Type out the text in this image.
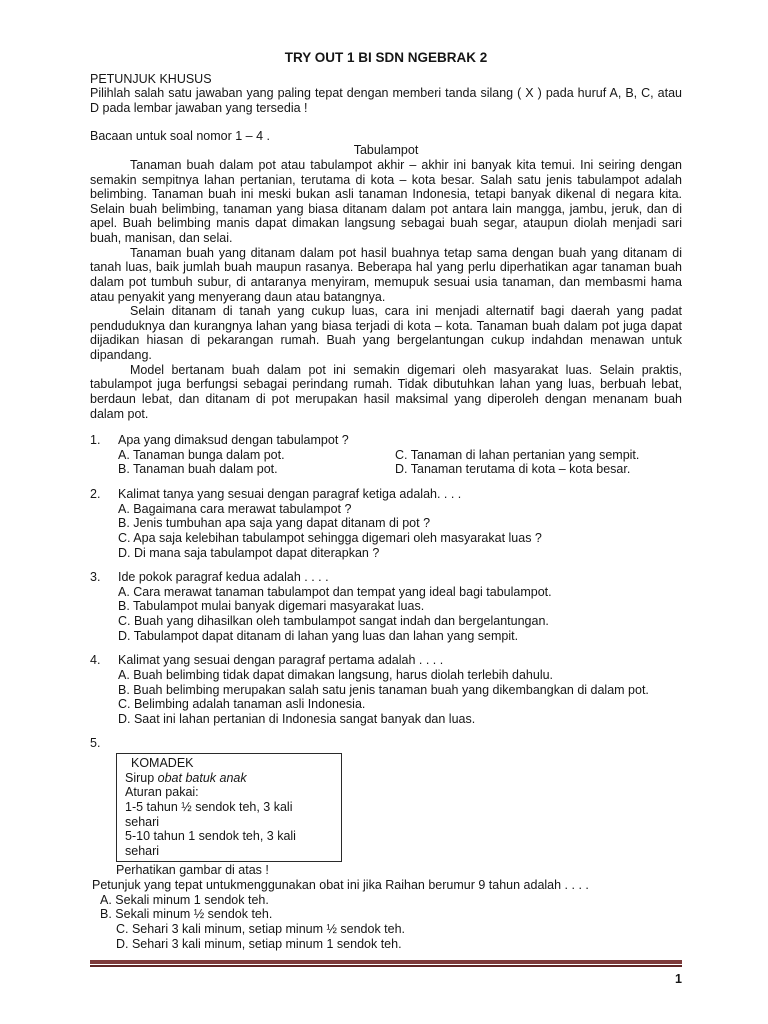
TRY OUT 1 BI SDN NGEBRAK 2
PETUNJUK KHUSUS
Pilihlah salah satu jawaban yang paling tepat dengan memberi tanda silang ( X ) pada huruf A, B, C, atau D pada lembar jawaban yang tersedia !
Bacaan untuk soal nomor 1 – 4 .
Tabulampot

Tanaman buah dalam pot atau tabulampot akhir – akhir ini banyak kita temui. Ini seiring dengan semakin sempitnya lahan pertanian, terutama di kota – kota besar. Salah satu jenis tabulampot adalah belimbing. Tanaman buah ini meski bukan asli tanaman Indonesia, tetapi banyak dikenal di negara kita. Selain buah belimbing, tanaman yang biasa ditanam dalam pot antara lain mangga, jambu, jeruk, dan di apel. Buah belimbing manis dapat dimakan langsung sebagai buah segar, ataupun diolah menjadi sari buah, manisan, dan selai.

Tanaman buah yang ditanam dalam pot hasil buahnya tetap sama dengan buah yang ditanam di tanah luas, baik jumlah buah maupun rasanya. Beberapa hal yang perlu diperhatikan agar tanaman buah dalam pot tumbuh subur, di antaranya menyiram, memupuk sesuai usia tanaman, dan membasmi hama atau penyakit yang menyerang daun atau batangnya.

Selain ditanam di tanah yang cukup luas, cara ini menjadi alternatif bagi daerah yang padat penduduknya dan kurangnya lahan yang biasa terjadi di kota – kota. Tanaman buah dalam pot juga dapat dijadikan hiasan di pekarangan rumah. Buah yang bergelantungan cukup indahdan menawan untuk dipandang.

Model bertanam buah dalam pot ini semakin digemari oleh masyarakat luas. Selain praktis, tabulampot juga berfungsi sebagai perindang rumah. Tidak dibutuhkan lahan yang luas, berbuah lebat, berdaun lebat, dan ditanam di pot merupakan hasil maksimal yang diperoleh dengan menanam buah dalam pot.

1.	Apa yang dimaksud dengan tabulampot ?
A. Tanaman bunga dalam pot.	C. Tanaman di lahan pertanian yang sempit.
B. Tanaman buah dalam pot.	D. Tanaman terutama di kota – kota besar.
2.	Kalimat tanya yang sesuai dengan paragraf ketiga adalah. . . .
A. Bagaimana cara merawat tabulampot ?
B. Jenis tumbuhan apa saja yang dapat ditanam di pot ?
C. Apa saja kelebihan tabulampot sehingga digemari oleh masyarakat luas ?
D. Di mana saja tabulampot dapat diterapkan ?
3.	Ide pokok paragraf kedua adalah . . . .
A. Cara merawat tanaman tabulampot dan tempat yang ideal bagi tabulampot.
B. Tabulampot mulai banyak digemari masyarakat luas.
C. Buah yang dihasilkan oleh tambulampot sangat indah dan bergelantungan.
D. Tabulampot dapat ditanam di lahan yang luas dan lahan yang sempit.
4.	Kalimat yang sesuai dengan paragraf pertama adalah . . . .
A. Buah belimbing tidak dapat dimakan langsung, harus diolah terlebih dahulu.
B. Buah belimbing merupakan salah satu jenis tanaman buah yang dikembangkan di dalam pot.
C. Belimbing adalah tanaman asli Indonesia.
D. Saat ini lahan pertanian di Indonesia sangat banyak dan luas.
5.
KOMADEK
Sirup obat batuk anak
Aturan pakai:
1-5 tahun ½ sendok teh, 3 kali
sehari
5-10 tahun 1 sendok teh, 3 kali
sehari
Perhatikan gambar di atas !
Petunjuk yang tepat untukmenggunakan obat ini jika Raihan berumur 9 tahun adalah . . . .
A. Sekali minum 1 sendok teh.
B. Sekali minum ½ sendok teh.
C. Sehari 3 kali minum, setiap minum ½ sendok teh.
D. Sehari 3 kali minum, setiap minum 1 sendok teh.
1
